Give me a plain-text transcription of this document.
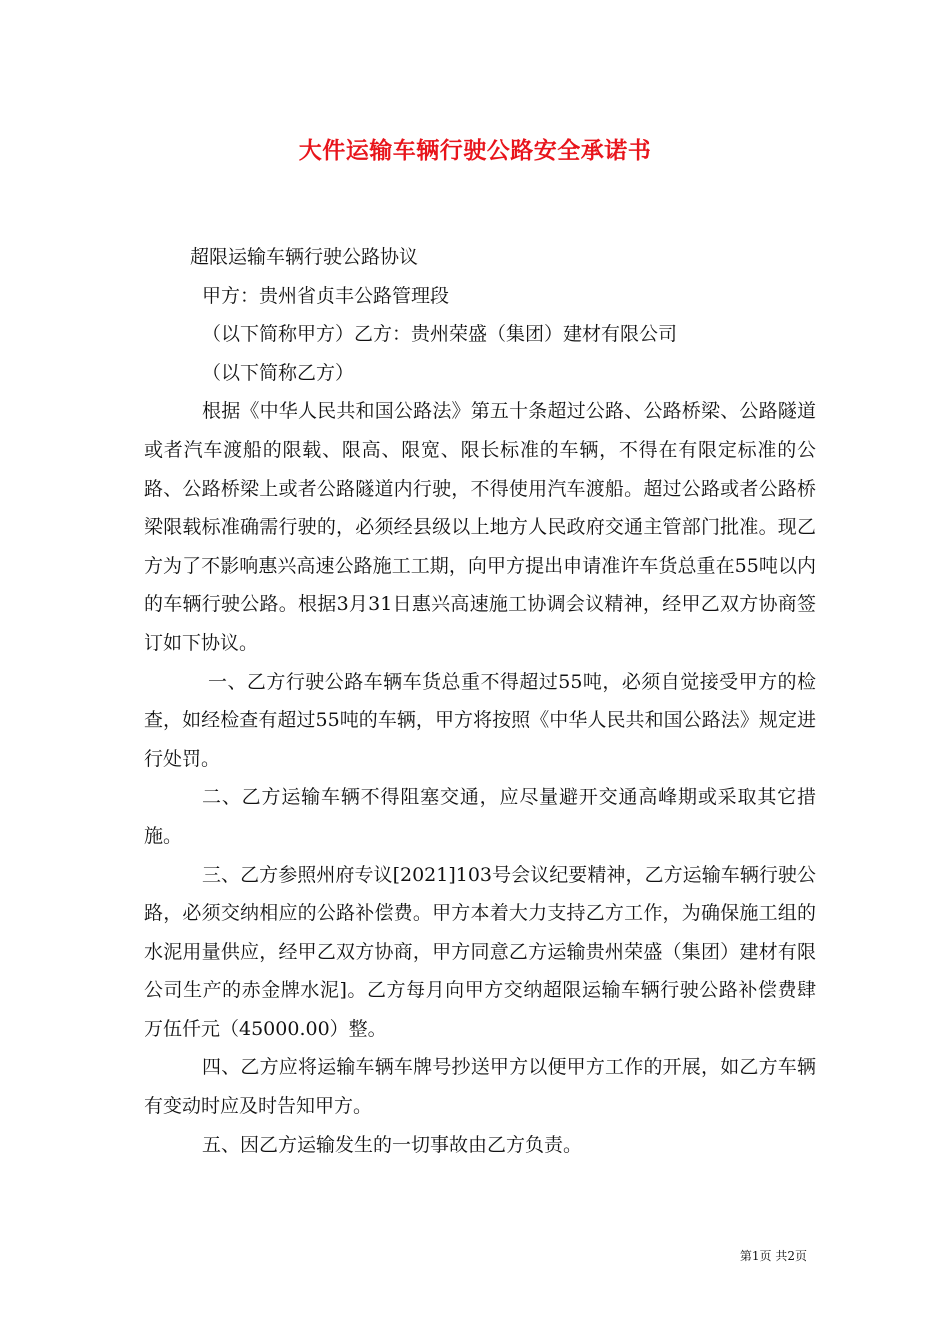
大件运输车辆行驶公路安全承诺书

超限运输车辆行驶公路协议

甲方：贵州省贞丰公路管理段

（以下简称甲方）乙方：贵州荣盛（集团）建材有限公司

（以下简称乙方）

根据《中华人民共和国公路法》第五十条超过公路、公路桥梁、公路隧道或者汽车渡船的限载、限高、限宽、限长标准的车辆，不得在有限定标准的公路、公路桥梁上或者公路隧道内行驶，不得使用汽车渡船。超过公路或者公路桥梁限载标准确需行驶的，必须经县级以上地方人民政府交通主管部门批准。现乙方为了不影响惠兴高速公路施工工期，向甲方提出申请准许车货总重在55吨以内的车辆行驶公路。根据3月31日惠兴高速施工协调会议精神，经甲乙双方协商签订如下协议。

一、乙方行驶公路车辆车货总重不得超过55吨，必须自觉接受甲方的检查，如经检查有超过55吨的车辆，甲方将按照《中华人民共和国公路法》规定进行处罚。

二、乙方运输车辆不得阻塞交通，应尽量避开交通高峰期或采取其它措施。

三、乙方参照州府专议[2021]103号会议纪要精神，乙方运输车辆行驶公路，必须交纳相应的公路补偿费。甲方本着大力支持乙方工作，为确保施工组的水泥用量供应，经甲乙双方协商，甲方同意乙方运输贵州荣盛（集团）建材有限公司生产的赤金牌水泥]。乙方每月向甲方交纳超限运输车辆行驶公路补偿费肆万伍仟元（45000.00）整。

四、乙方应将运输车辆车牌号抄送甲方以便甲方工作的开展，如乙方车辆有变动时应及时告知甲方。

五、因乙方运输发生的一切事故由乙方负责。

第1页 共2页
